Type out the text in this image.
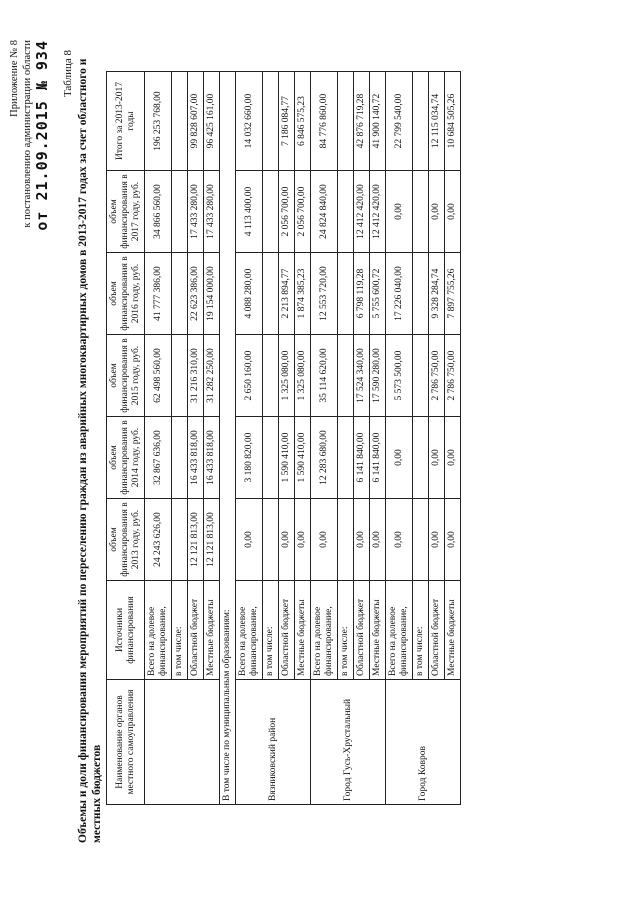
Приложение № 8 к постановлению администрации области от 21.09.2015 № 934 Таблица 8 Объемы и доли финансирования мероприятий по переселению граждан из аварийных многоквартирных домов в 2013-2017 годах за счет областного и местных бюджетов
Наименование органов местного самоуправления	Источники финансирования	объем финансирования в 2013 году, руб.	объем финансирования в 2014 году, руб.	объем финансирования в 2015 году, руб.	объем финансирования в 2016 году, руб.	объем финансирования в 2017 году, руб.	Итого за 2013-2017 годы
	Всего на долевое финансирование,	24 243 626,00	32 867 636,00	62 498 560,00	41 777 386,00	34 866 560,00	196 253 768,00
	в том числе:						
	Областной бюджет	12 121 813,00	16 433 818,00	31 216 310,00	22 623 386,00	17 433 280,00	99 828 607,00
	Местные бюджеты	12 121 813,00	16 433 818,00	31 282 250,00	19 154 000,00	17 433 280,00	96 425 161,00
В том числе по муниципальным образованиям:							
Вязниковский район	Всего на долевое финансирование,	0,00	3 180 820,00	2 650 160,00	4 088 280,00	4 113 400,00	14 032 660,00
	в том числе:						
	Областной бюджет	0,00	1 590 410,00	1 325 080,00	2 213 894,77	2 056 700,00	7 186 084,77
	Местные бюджеты	0,00	1 590 410,00	1 325 080,00	1 874 385,23	2 056 700,00	6 846 575,23
Город Гусь-Хрустальный	Всего на долевое финансирование,	0,00	12 283 680,00	35 114 620,00	12 553 720,00	24 824 840,00	84 776 860,00
	в том числе:						
	Областной бюджет	0,00	6 141 840,00	17 524 340,00	6 798 119,28	12 412 420,00	42 876 719,28
	Местные бюджеты	0,00	6 141 840,00	17 590 280,00	5 755 600,72	12 412 420,00	41 900 140,72
Город Ковров	Всего на долевое финансирование,	0,00	0,00	5 573 500,00	17 226 040,00	0,00	22 799 540,00
	в том числе:						
	Областной бюджет	0,00	0,00	2 786 750,00	9 328 284,74	0,00	12 115 034,74
	Местные бюджеты	0,00	0,00	2 786 750,00	7 897 755,26	0,00	10 684 505,26
